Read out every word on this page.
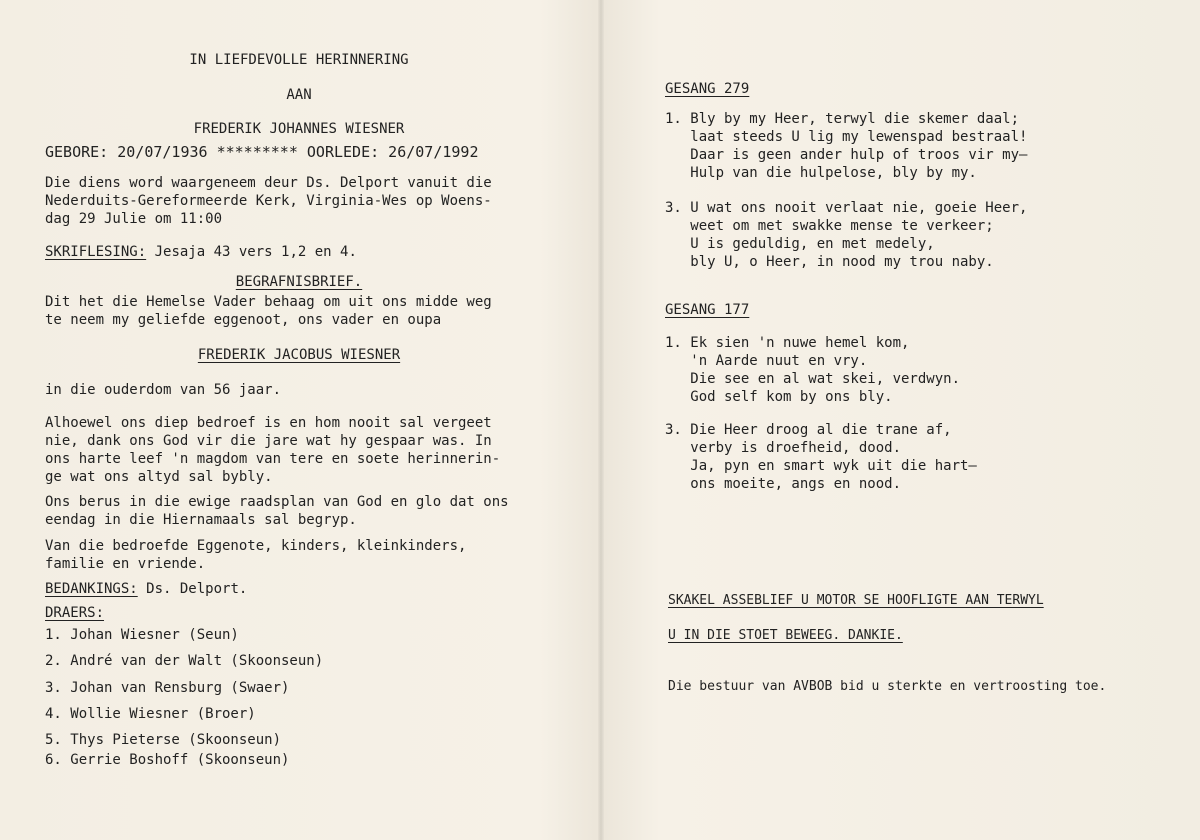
IN LIEFDEVOLLE HERINNERING
AAN
FREDERIK JOHANNES WIESNER
GEBORE: 20/07/1936 ********* OORLEDE: 26/07/1992
Die diens word waargeneem deur Ds. Delport vanuit die
Nederduits-Gereformeerde Kerk, Virginia-Wes op Woens-
dag 29 Julie om 11:00
SKRIFLESING: Jesaja 43 vers 1,2 en 4.
BEGRAFNISBRIEF.
Dit het die Hemelse Vader behaag om uit ons midde weg
te neem my geliefde eggenoot, ons vader en oupa
FREDERIK JACOBUS WIESNER
in die ouderdom van 56 jaar.
Alhoewel ons diep bedroef is en hom nooit sal vergeet
nie, dank ons God vir die jare wat hy gespaar was. In
ons harte leef 'n magdom van tere en soete herinnerin-
ge wat ons altyd sal bybly.
Ons berus in die ewige raadsplan van God en glo dat ons
eendag in die Hiernamaals sal begryp.
Van die bedroefde Eggenote, kinders, kleinkinders,
familie en vriende.
BEDANKINGS: Ds. Delport.
DRAERS:
1. Johan Wiesner (Seun)
2. André van der Walt (Skoonseun)
3. Johan van Rensburg (Swaer)
4. Wollie Wiesner (Broer)
5. Thys Pieterse (Skoonseun)
6. Gerrie Boshoff (Skoonseun)
GESANG 279
1. Bly by my Heer, terwyl die skemer daal;
laat steeds U lig my lewenspad bestraal!
Daar is geen ander hulp of troos vir my—
Hulp van die hulpelose, bly by my.
3. U wat ons nooit verlaat nie, goeie Heer,
weet om met swakke mense te verkeer;
U is geduldig, en met medely,
bly U, o Heer, in nood my trou naby.
GESANG 177
1. Ek sien 'n nuwe hemel kom,
'n Aarde nuut en vry.
Die see en al wat skei, verdwyn.
God self kom by ons bly.
3. Die Heer droog al die trane af,
verby is droefheid, dood.
Ja, pyn en smart wyk uit die hart—
ons moeite, angs en nood.
SKAKEL ASSEBLIEF U MOTOR SE HOOFLIGTE AAN TERWYL
U IN DIE STOET BEWEEG. DANKIE.
Die bestuur van AVBOB bid u sterkte en vertroosting toe.
